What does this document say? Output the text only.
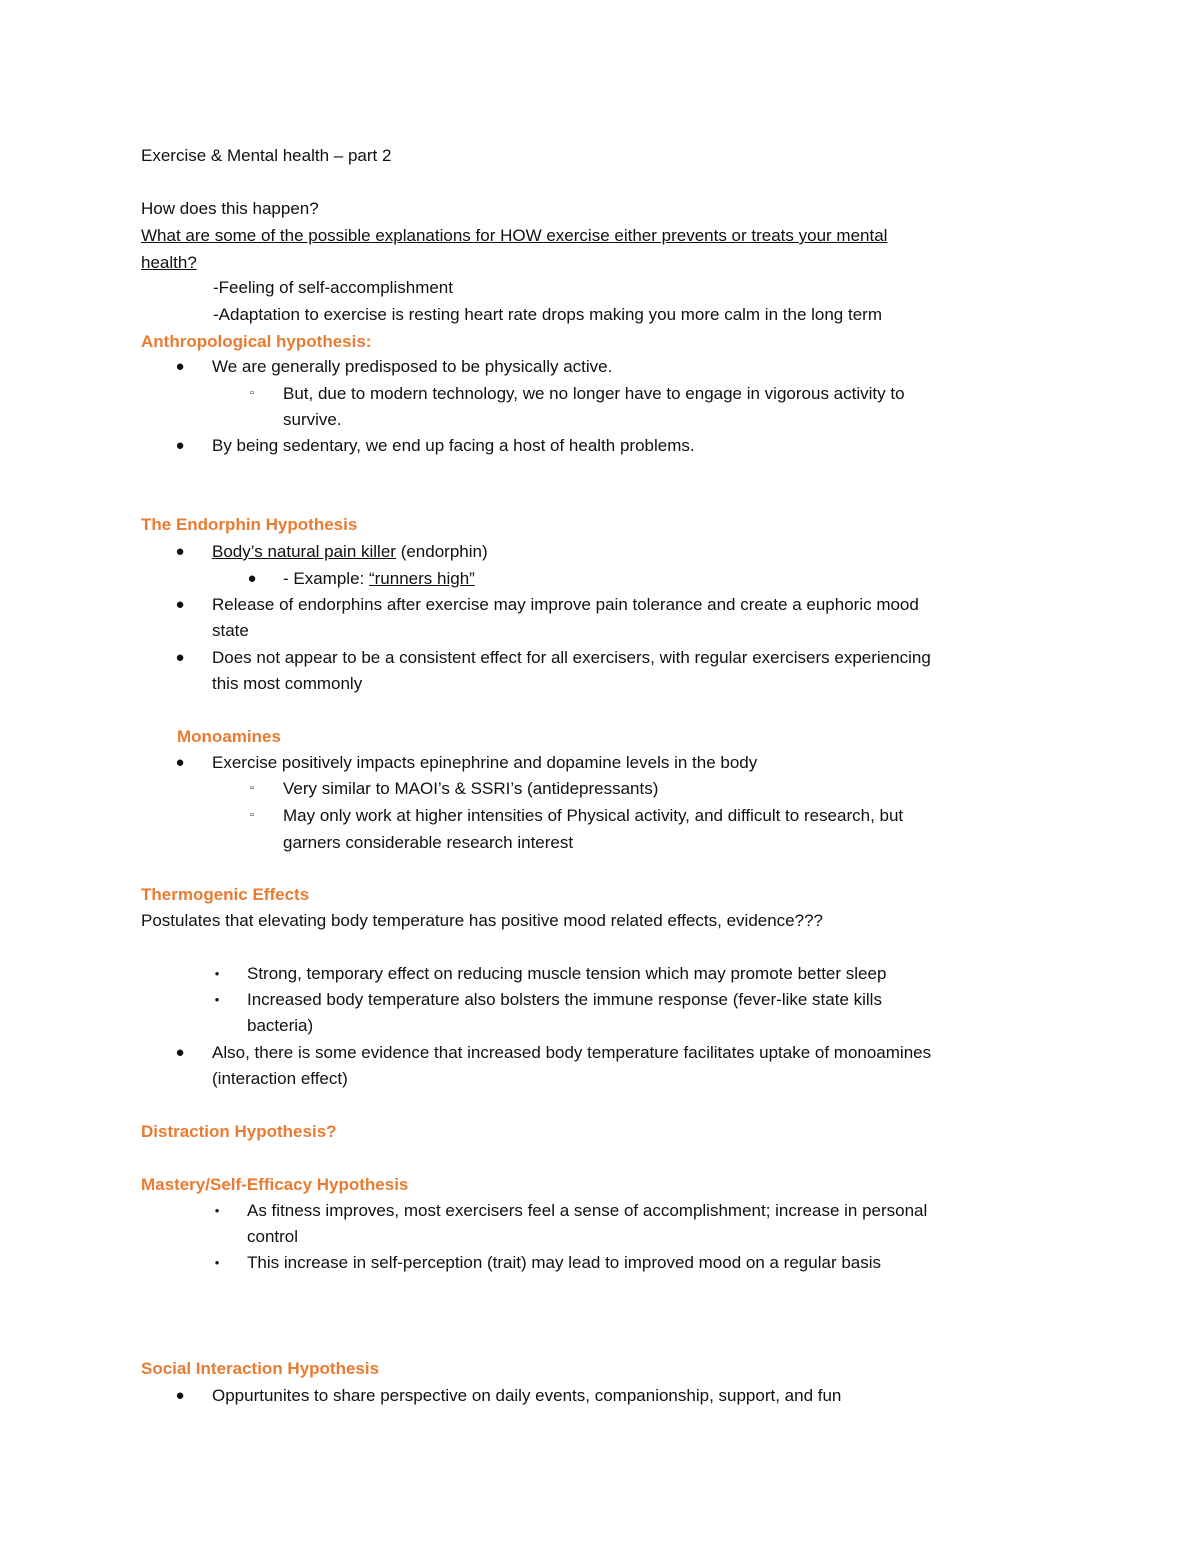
Exercise & Mental health – part 2
How does this happen?
What are some of the possible explanations for HOW exercise either prevents or treats your mental
health?
-Feeling of self-accomplishment
-Adaptation to exercise is resting heart rate drops making you more calm in the long term
Anthropological hypothesis:
●	We are generally predisposed to be physically active.
▫	But, due to modern technology, we no longer have to engage in vigorous activity to
survive.
●	By being sedentary, we end up facing a host of health problems.
The Endorphin Hypothesis
●	Body’s natural pain killer (endorphin)
●	- Example: “runners high”
●	Release of endorphins after exercise may improve pain tolerance and create a euphoric mood
state
●	Does not appear to be a consistent effect for all exercisers, with regular exercisers experiencing
this most commonly
Monoamines
●	Exercise positively impacts epinephrine and dopamine levels in the body
▫	Very similar to MAOI’s & SSRI’s (antidepressants)
▫	May only work at higher intensities of Physical activity, and difficult to research, but
garners considerable research interest
Thermogenic Effects
Postulates that elevating body temperature has positive mood related effects, evidence???
•	Strong, temporary effect on reducing muscle tension which may promote better sleep
•	Increased body temperature also bolsters the immune response (fever-like state kills
bacteria)
●	Also, there is some evidence that increased body temperature facilitates uptake of monoamines
(interaction effect)
Distraction Hypothesis?
Mastery/Self-Efficacy Hypothesis
•	As fitness improves, most exercisers feel a sense of accomplishment; increase in personal
control
•	This increase in self-perception (trait) may lead to improved mood on a regular basis
Social Interaction Hypothesis
●	Oppurtunites to share perspective on daily events, companionship, support, and fun
